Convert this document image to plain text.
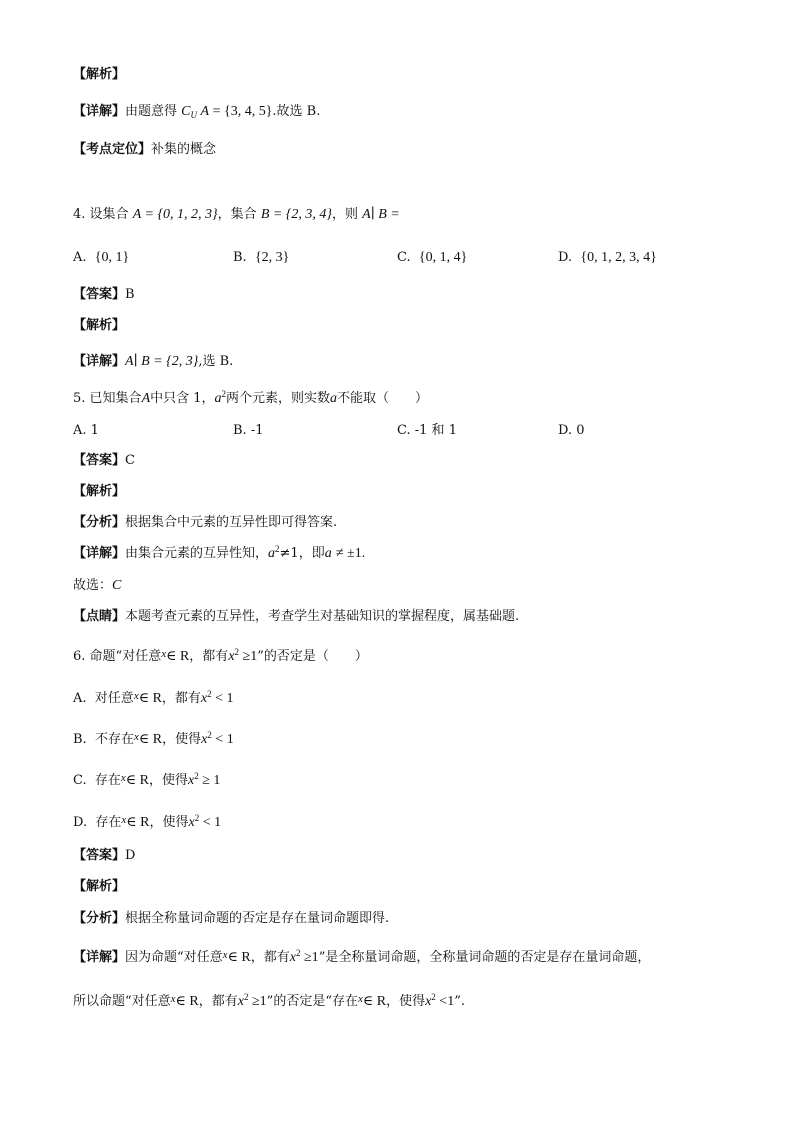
【解析】
【详解】由题意得 $C_U$ A = {3, 4, 5}.故选 B.
【考点定位】补集的概念
4. 设集合 A = {0, 1, 2, 3}，集合 B = {2, 3, 4}，则 A∣ B =
A. {0, 1}	B. {2, 3}	C. {0, 1, 4}	D. {0, 1, 2, 3, 4}
【答案】B
【解析】
【详解】A∣ B = {2, 3},选 B.
5. 已知集合A中只含 1，$a^2$两个元素，则实数a不能取（　　）
A. 1	B. -1	C. -1 和 1	D. 0
【答案】C
【解析】
【分析】根据集合中元素的互异性即可得答案.
【详解】由集合元素的互异性知，$a^2\ne 1$，即a ≠ ±1.
故选：C
【点睛】本题考查元素的互异性，考查学生对基础知识的掌握程度，属基础题.
6. 命题“对任意$^x$∈ R，都有$x^2 \ge 1$”的否定是（　　）
A. 对任意$^x$∈ R，都有$x^2 < 1$
B. 不存在$^x$∈ R，使得$x^2 < 1$
C. 存在$^x$∈ R，使得$x^2 \ge 1$
D. 存在$^x$∈ R，使得$x^2 < 1$
【答案】D
【解析】
【分析】根据全称量词命题的否定是存在量词命题即得.
【详解】因为命题“对任意$^x$∈ R，都有$x^2 \ge 1$”是全称量词命题，全称量词命题的否定是存在量词命题，
所以命题“对任意$^x$∈ R，都有$x^2 \ge 1$”的否定是“存在$^x$∈ R，使得$x^2 <1$”.
